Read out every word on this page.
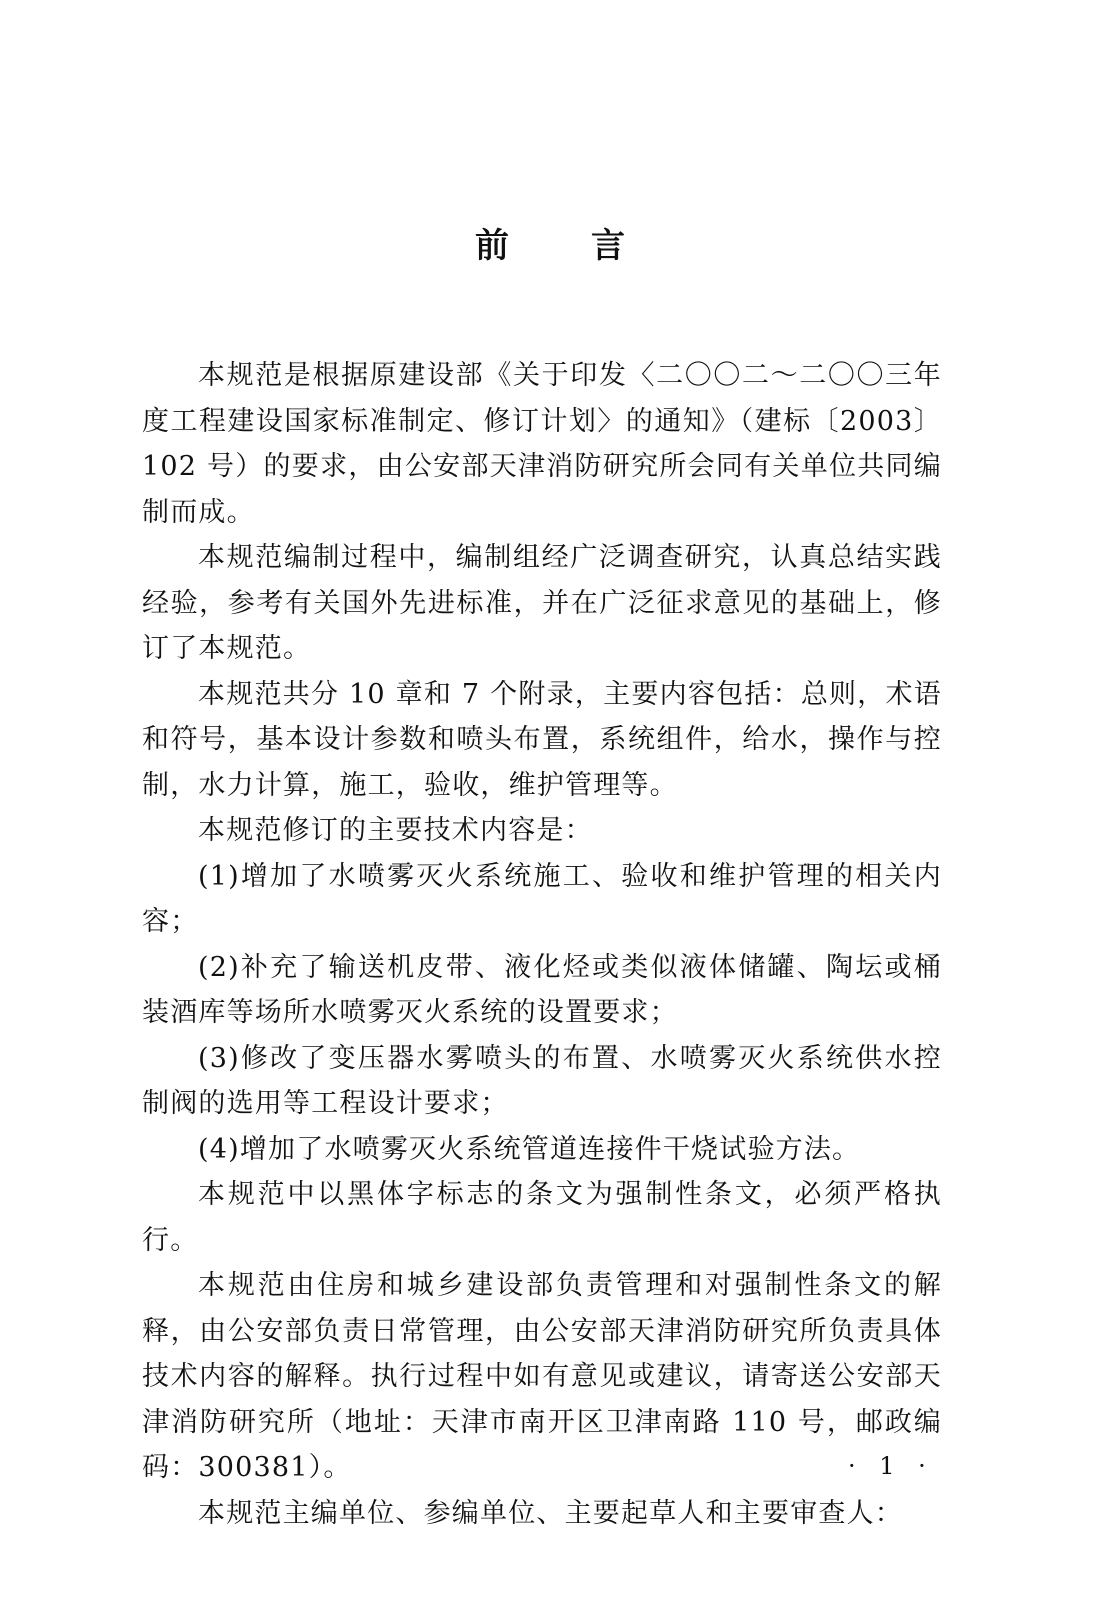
前 言

本规范是根据原建设部《关于印发〈二〇〇二～二〇〇三年度工程建设国家标准制定、修订计划〉的通知》（建标〔2003〕102 号）的要求，由公安部天津消防研究所会同有关单位共同编制而成。

本规范编制过程中，编制组经广泛调查研究，认真总结实践经验，参考有关国外先进标准，并在广泛征求意见的基础上，修订了本规范。

本规范共分 10 章和 7 个附录，主要内容包括：总则，术语和符号，基本设计参数和喷头布置，系统组件，给水，操作与控制，水力计算，施工，验收，维护管理等。

本规范修订的主要技术内容是：

(1)增加了水喷雾灭火系统施工、验收和维护管理的相关内容；

(2)补充了输送机皮带、液化烃或类似液体储罐、陶坛或桶装酒库等场所水喷雾灭火系统的设置要求；

(3)修改了变压器水雾喷头的布置、水喷雾灭火系统供水控制阀的选用等工程设计要求；

(4)增加了水喷雾灭火系统管道连接件干烧试验方法。

本规范中以黑体字标志的条文为强制性条文，必须严格执行。

本规范由住房和城乡建设部负责管理和对强制性条文的解释，由公安部负责日常管理，由公安部天津消防研究所负责具体技术内容的解释。执行过程中如有意见或建议，请寄送公安部天津消防研究所（地址：天津市南开区卫津南路 110 号，邮政编码：300381）。

本规范主编单位、参编单位、主要起草人和主要审查人：

· 1 ·
